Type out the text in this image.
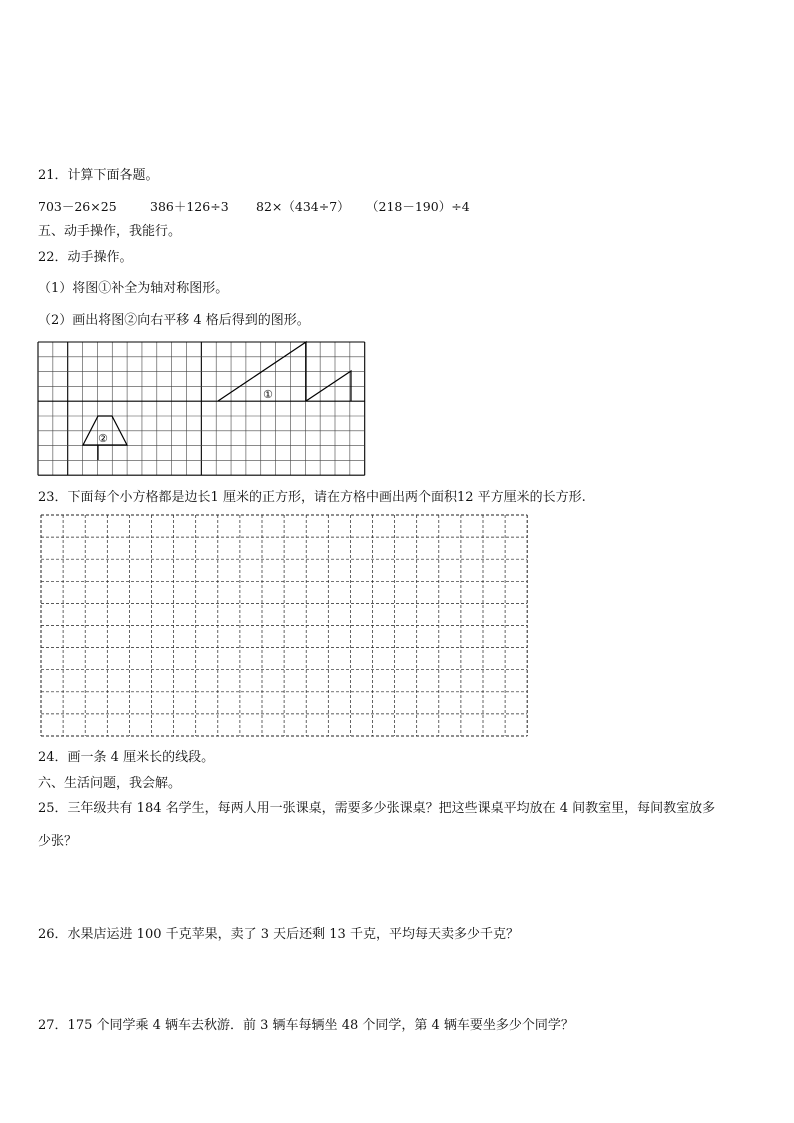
21．计算下面各题。

703－26×25	386＋126÷3 82×（434÷7） （218－190）÷4

五、动手操作，我能行。

22．动手操作。

（1）将图①补全为轴对称图形。

（2）画出将图②向右平移 4 格后得到的图形。

①
②

23．下面每个小方格都是边长1 厘米的正方形，请在方格中画出两个面积12 平方厘米的长方形.

24．画一条 4 厘米长的线段。

六、生活问题，我会解。

25．三年级共有 184 名学生，每两人用一张课桌，需要多少张课桌？把这些课桌平均放在 4 间教室里，每间教室放多

少张？

26．水果店运进 100 千克苹果，卖了 3 天后还剩 13 千克，平均每天卖多少千克？

27．175 个同学乘 4 辆车去秋游．前 3 辆车每辆坐 48 个同学，第 4 辆车要坐多少个同学？
